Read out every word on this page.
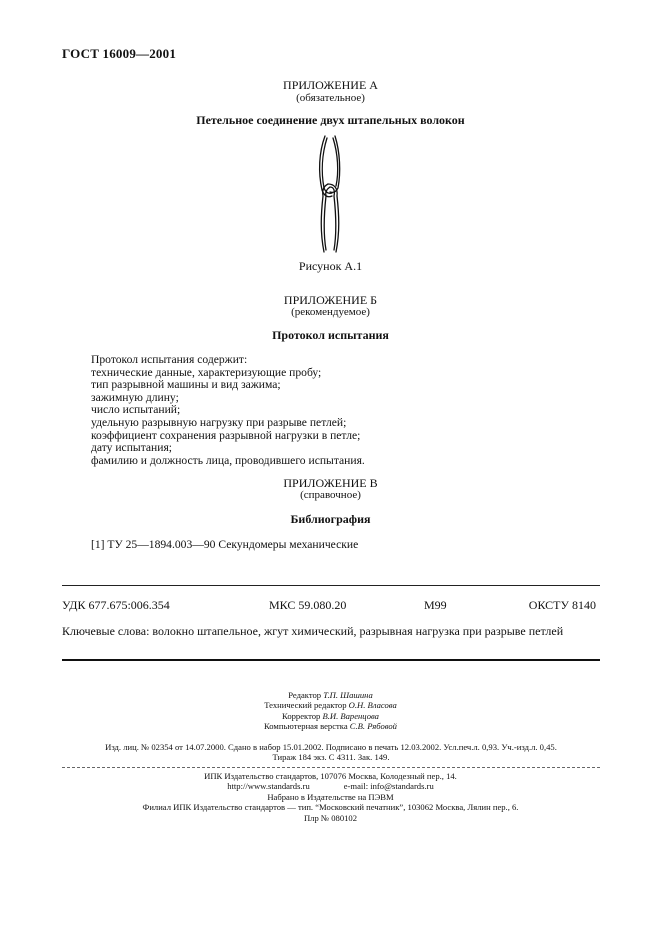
ГОСТ 16009—2001
ПРИЛОЖЕНИЕ А
(обязательное)
Петельное соединение двух штапельных волокон
Рисунок А.1
ПРИЛОЖЕНИЕ Б
(рекомендуемое)
Протокол испытания
Протокол испытания содержит:
технические данные, характеризующие пробу;
тип разрывной машины и вид зажима;
зажимную длину;
число испытаний;
удельную разрывную нагрузку при разрыве петлей;
коэффициент сохранения разрывной нагрузки в петле;
дату испытания;
фамилию и должность лица, проводившего испытания.
ПРИЛОЖЕНИЕ В
(справочное)
Библиография
[1] ТУ 25—1894.003—90 Секундомеры механические
УДК 677.675:006.354	МКС 59.080.20	М99	ОКСТУ 8140
Ключевые слова: волокно штапельное, жгут химический, разрывная нагрузка при разрыве петлей
Редактор Т.П. Шашина
Технический редактор О.Н. Власова
Корректор В.И. Варенцова
Компьютерная верстка С.В. Рябовой
Изд. лиц. № 02354 от 14.07.2000. Сдано в набор 15.01.2002. Подписано в печать 12.03.2002. Усл.печ.л. 0,93. Уч.-изд.л. 0,45.
Тираж 184 экз. С 4311. Зак. 149.
ИПК Издательство стандартов, 107076 Москва, Колодезный пер., 14.
http://www.standards.ru	e-mail: info@standards.ru
Набрано в Издательстве на ПЭВМ
Филиал ИПК Издательство стандартов — тип. “Московский печатник”, 103062 Москва, Лялин пер., 6.
Плр № 080102
